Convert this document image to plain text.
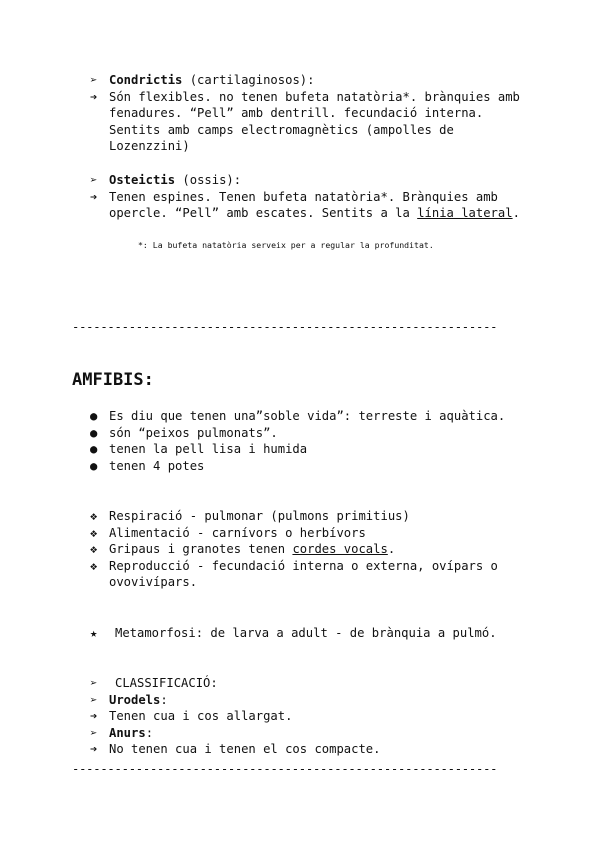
➢ Condrictis (cartilaginosos):
➔ Són flexibles. no tenen bufeta natatòria*. brànquies amb
fenadures. “Pell” amb dentrill. fecundació interna.
Sentits amb camps electromagnètics (ampolles de
Lozenzzini)
➢ Osteictis (ossis):
➔ Tenen espines. Tenen bufeta natatòria*. Brànquies amb
opercle. “Pell” amb escates. Sentits a la línia lateral.
*: La bufeta natatòria serveix per a regular la profunditat.
------------------------------------------------------------
AMFIBIS:
● Es diu que tenen una”soble vida”: terreste i aquàtica.
● són “peixos pulmonats”.
● tenen la pell lisa i humida
● tenen 4 potes
❖ Respiració - pulmonar (pulmons primitius)
❖ Alimentació - carnívors o herbívors
❖ Gripaus i granotes tenen cordes vocals.
❖ Reproducció - fecundació interna o externa, ovípars o
ovovivípars.
★	Metamorfosi: de larva a adult - de brànquia a pulmó.
➢	CLASSIFICACIÓ:
➢ Urodels:
➔ Tenen cua i cos allargat.
➢ Anurs:
➔ No tenen cua i tenen el cos compacte.
------------------------------------------------------------
